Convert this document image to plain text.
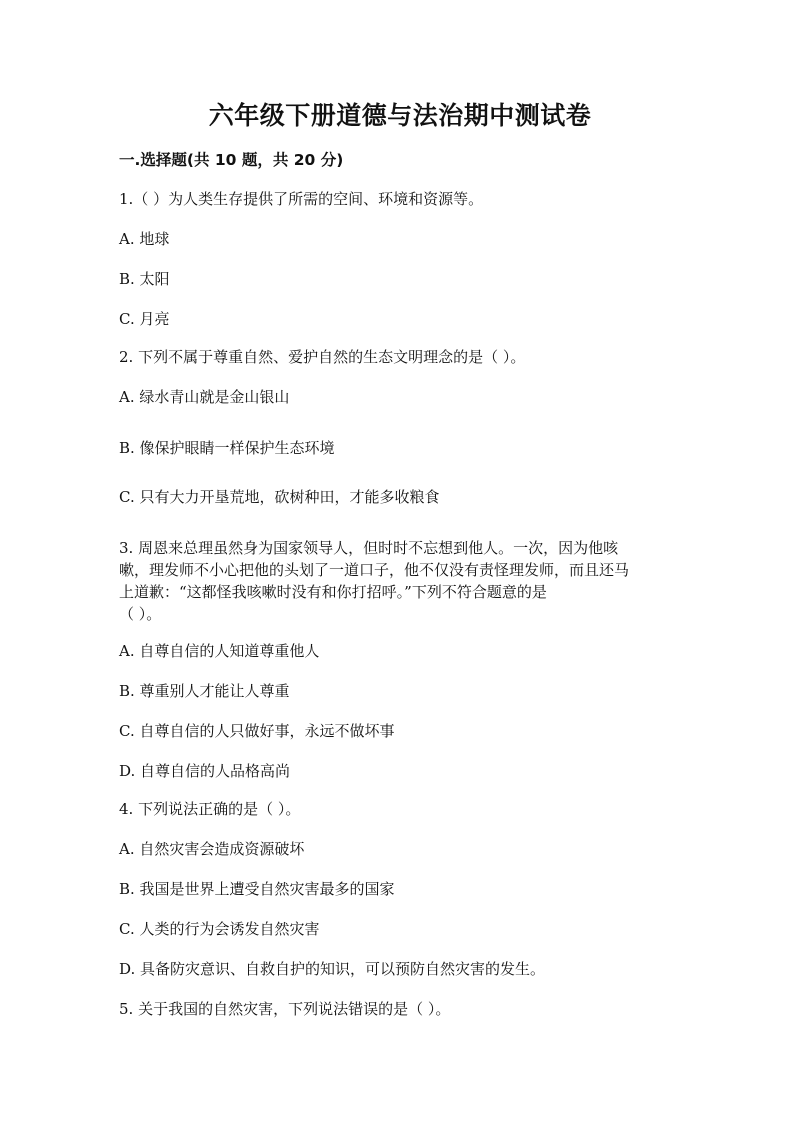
六年级下册道德与法治期中测试卷
一.选择题(共 10 题，共 20 分)
1.（ ）为人类生存提供了所需的空间、环境和资源等。
A. 地球
B. 太阳
C. 月亮
2. 下列不属于尊重自然、爱护自然的生态文明理念的是（ ）。
A. 绿水青山就是金山银山
B. 像保护眼睛一样保护生态环境
C. 只有大力开垦荒地，砍树种田，才能多收粮食
3. 周恩来总理虽然身为国家领导人，但时时不忘想到他人。一次，因为他咳
嗽，理发师不小心把他的头划了一道口子，他不仅没有责怪理发师，而且还马
上道歉：“这都怪我咳嗽时没有和你打招呼。”下列不符合题意的是
（ ）。
A. 自尊自信的人知道尊重他人
B. 尊重别人才能让人尊重
C. 自尊自信的人只做好事，永远不做坏事
D. 自尊自信的人品格高尚
4. 下列说法正确的是（ ）。
A. 自然灾害会造成资源破坏
B. 我国是世界上遭受自然灾害最多的国家
C. 人类的行为会诱发自然灾害
D. 具备防灾意识、自救自护的知识，可以预防自然灾害的发生。
5. 关于我国的自然灾害，下列说法错误的是（ ）。
